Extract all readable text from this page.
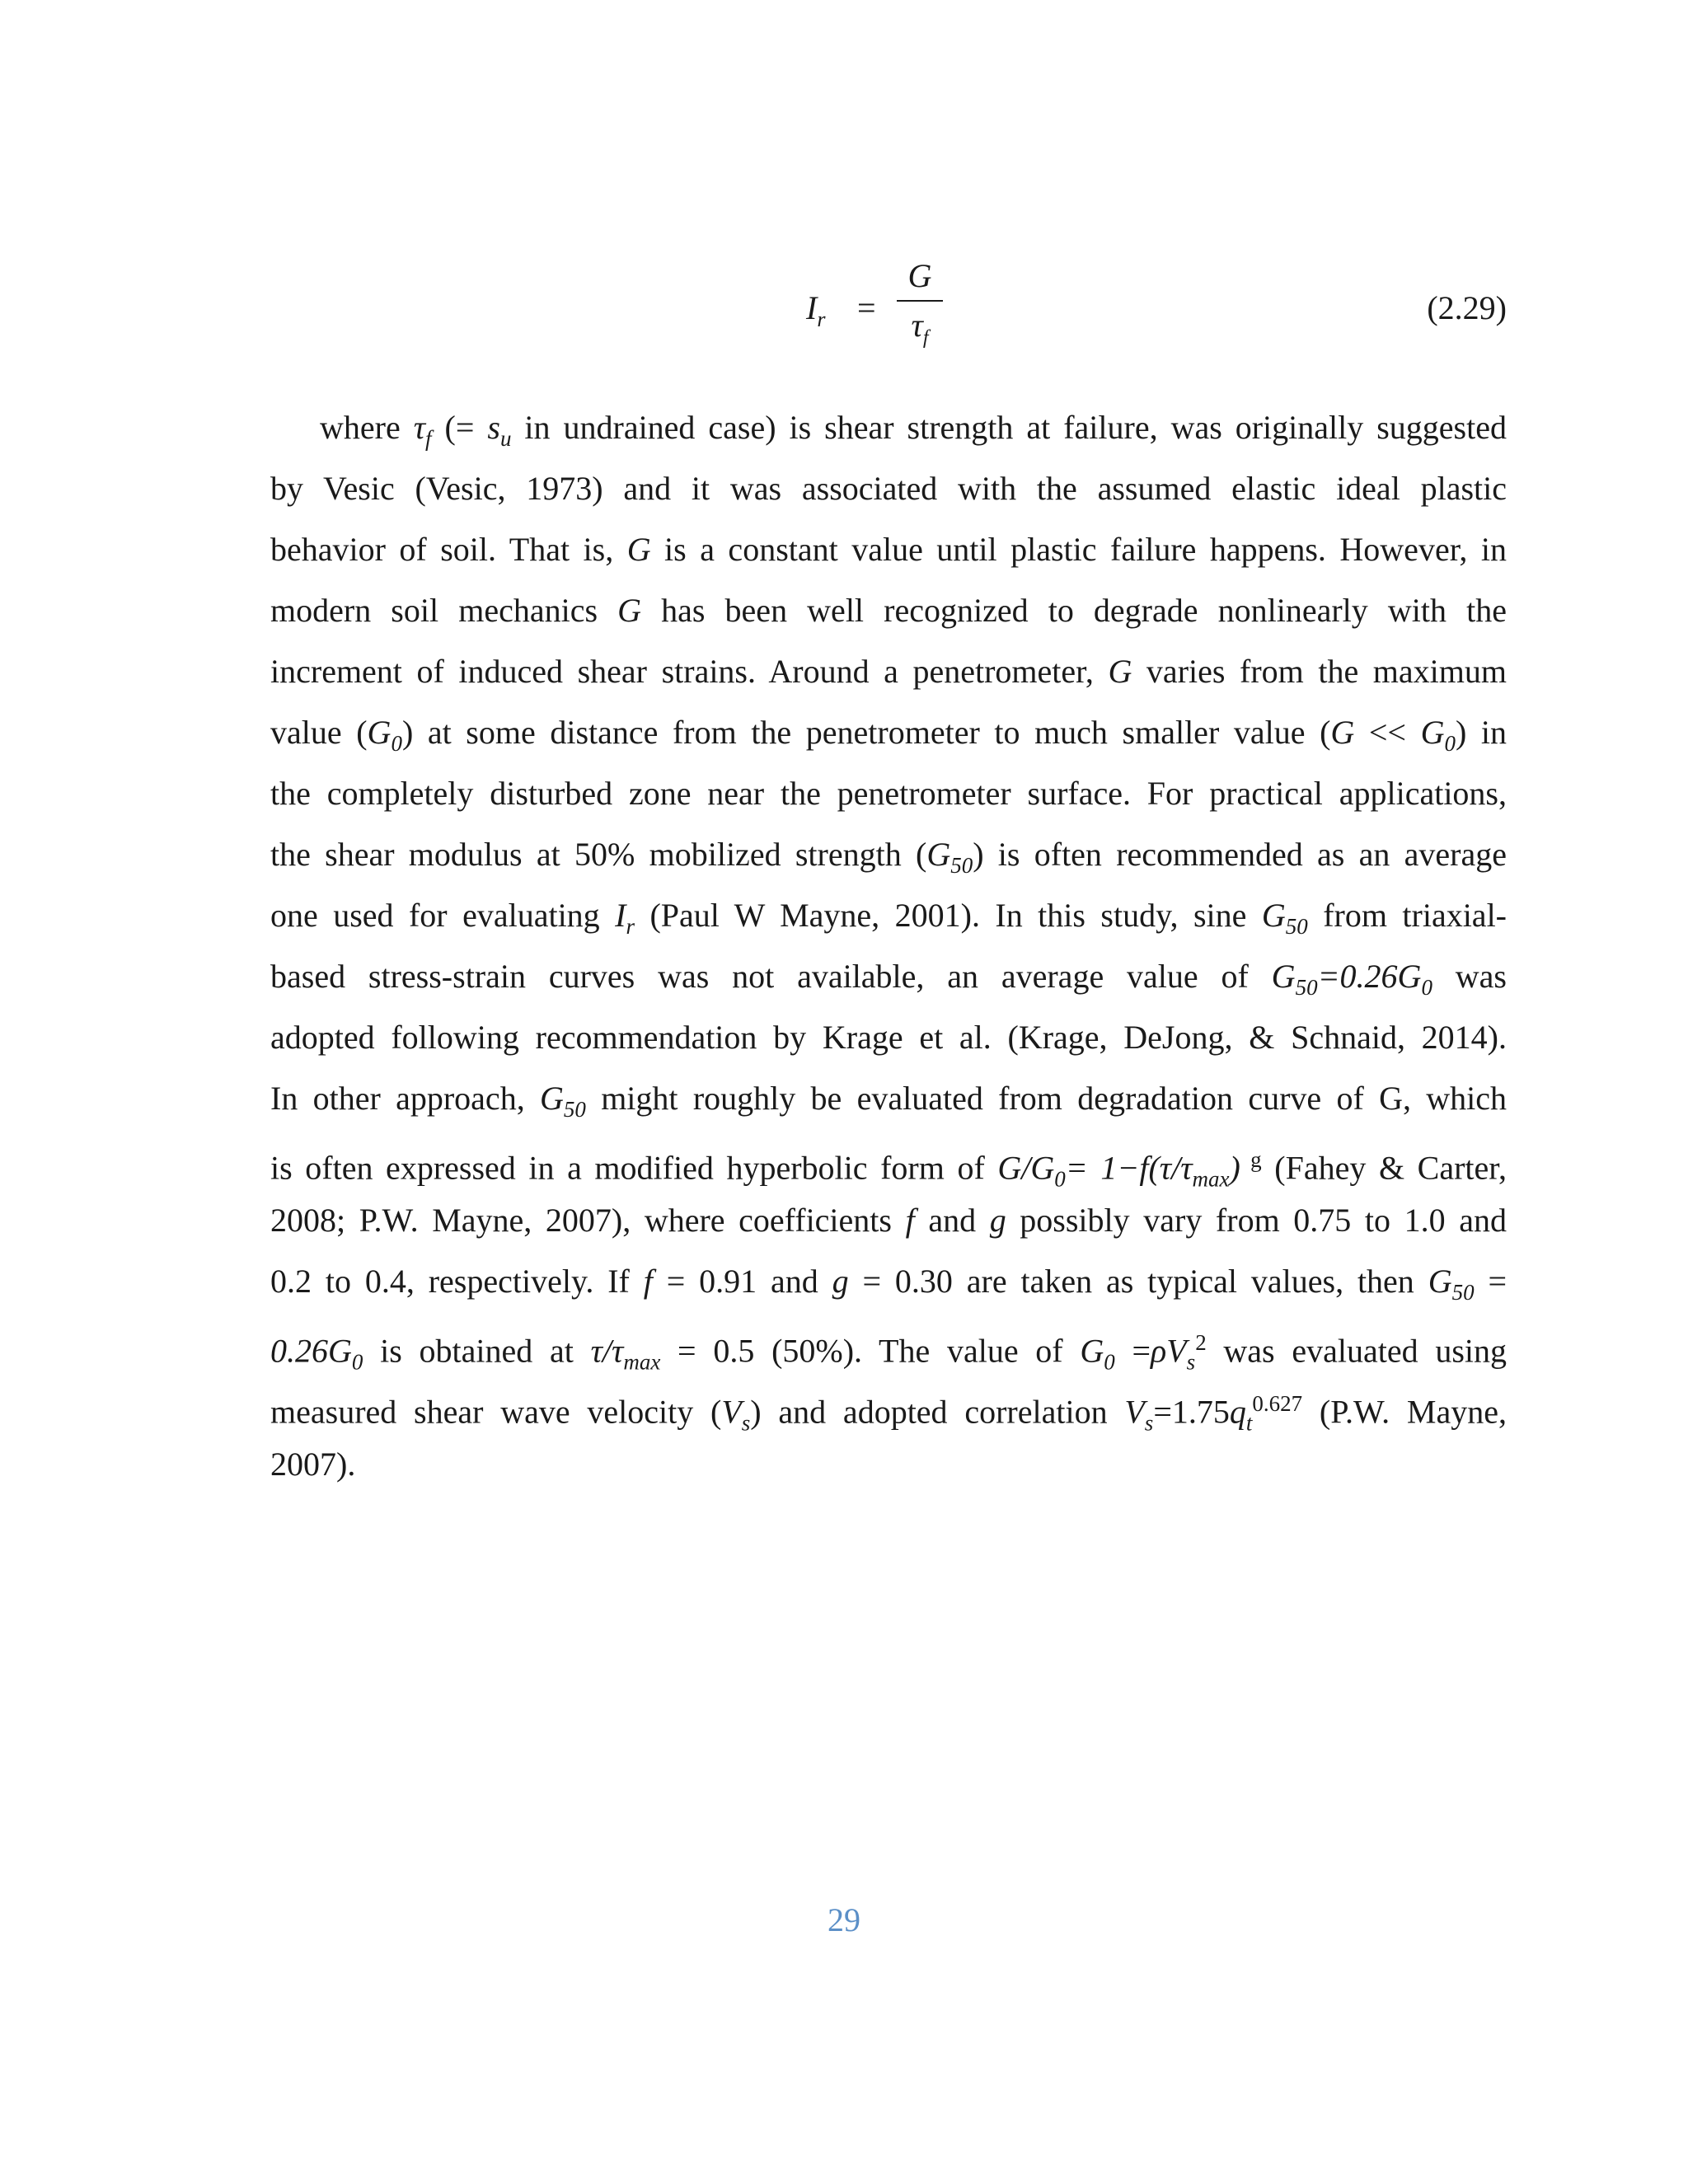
$I_r$ =
G
$\tau_f$
(2.29)
where $\tau_f$ (= $s_u$ in undrained case) is shear strength at failure, was originally suggested
by Vesic (Vesic, 1973) and it was associated with the assumed elastic ideal plastic
behavior of soil. That is, G is a constant value until plastic failure happens. However, in
modern soil mechanics G has been well recognized to degrade nonlinearly with the
increment of induced shear strains. Around a penetrometer, G varies from the maximum
value $(G_0)$ at some distance from the penetrometer to much smaller value $(G << G_0)$ in
the completely disturbed zone near the penetrometer surface. For practical applications,
the shear modulus at 50% mobilized strength $(G_{50})$ is often recommended as an average
one used for evaluating $I_r$ (Paul W Mayne, 2001). In this study, sine $G_{50}$ from triaxial-
based stress-strain curves was not available, an average value of $G_{50}=0.26G_0$ was
adopted following recommendation by Krage et al. (Krage, DeJong, & Schnaid, 2014).
In other approach, $G_{50}$ might roughly be evaluated from degradation curve of G, which
is often expressed in a modified hyperbolic form of $G/G_0= 1-f(\tau/\tau_{max})$ $^g$ (Fahey & Carter,
2008; P.W. Mayne, 2007), where coefficients f and g possibly vary from 0.75 to 1.0 and
0.2 to 0.4, respectively. If f = 0.91 and g = 0.30 are taken as typical values, then $G_{50}$ =
$0.26G_0$ is obtained at $\tau/\tau_{max} = 0.5$ (50%). The value of $G_0 =\rho V_s^2$ was evaluated using
measured shear wave velocity $(V_s)$ and adopted correlation $V_s=1.75q_t^{0.627}$ (P.W. Mayne,
2007).
29
